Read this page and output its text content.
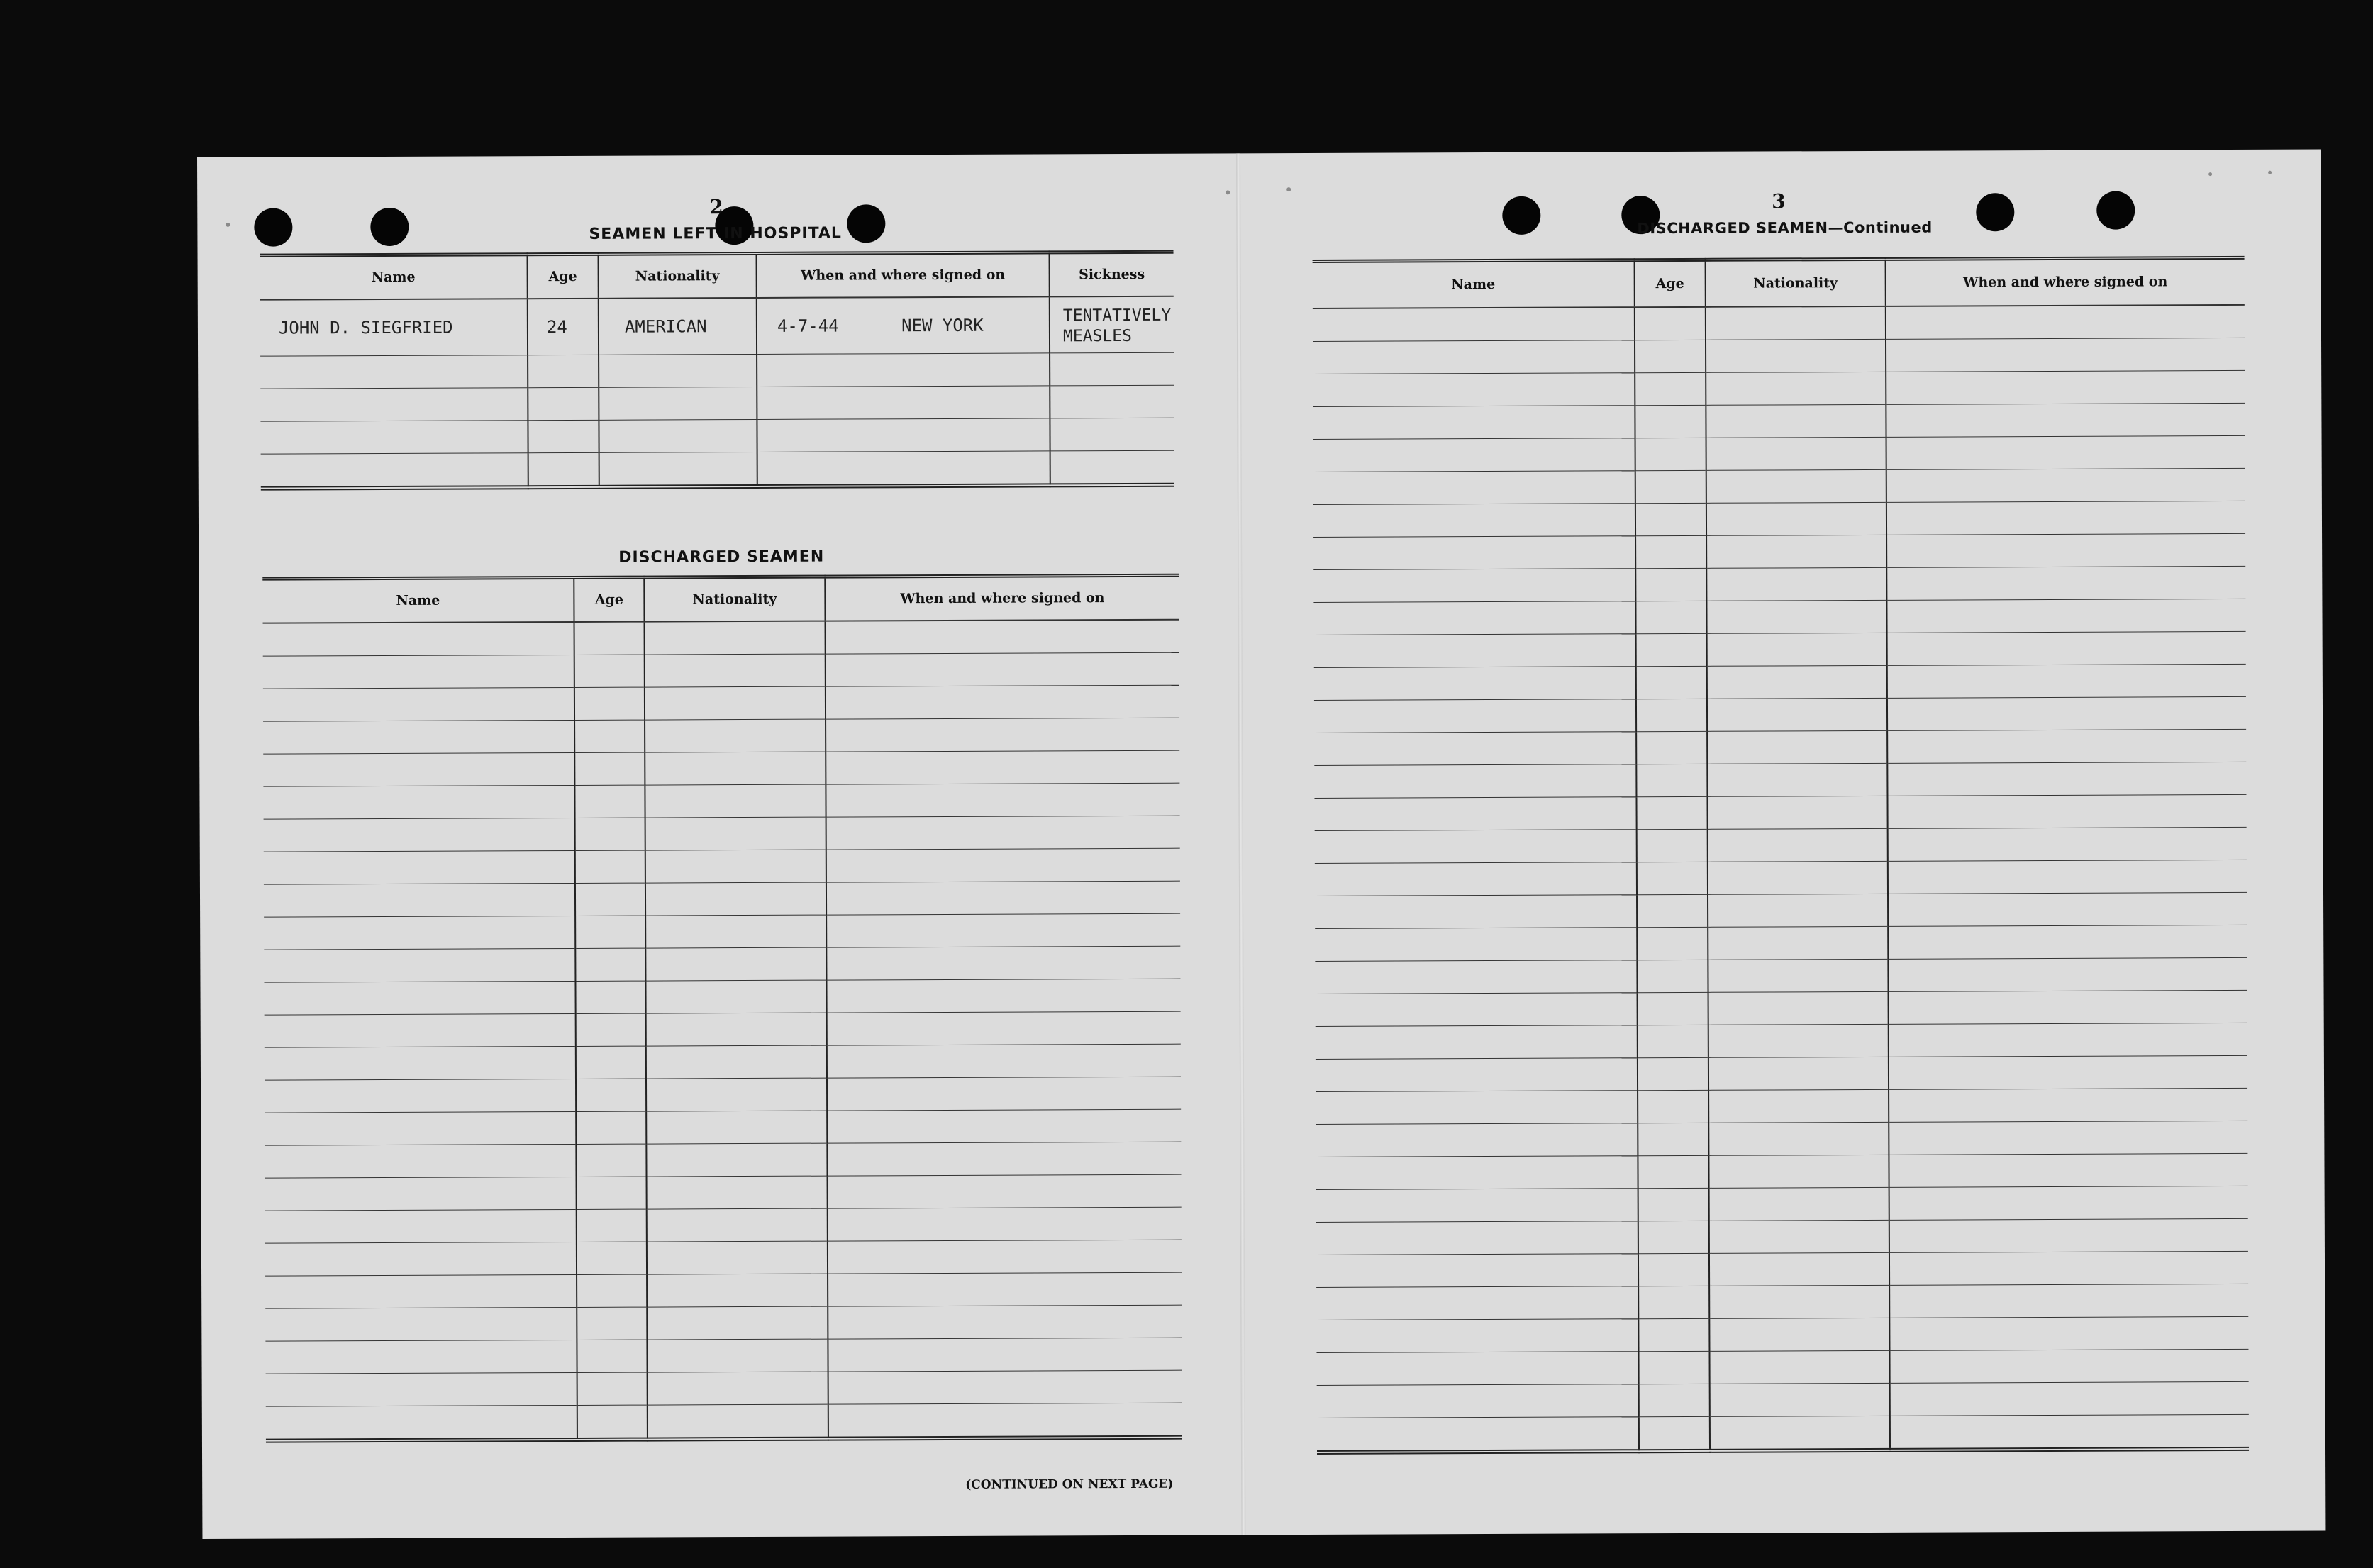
2
SEAMEN LEFT IN HOSPITAL
Name	Age	Nationality	When and where signed on	Sickness
JOHN D. SIEGFRIED	24	AMERICAN	4-7-44 NEW YORK	TENTATIVELY MEASLES

DISCHARGED SEAMEN
Name	Age	Nationality	When and where signed on

(CONTINUED ON NEXT PAGE)
3
DISCHARGED SEAMEN—Continued
Name	Age	Nationality	When and where signed on
